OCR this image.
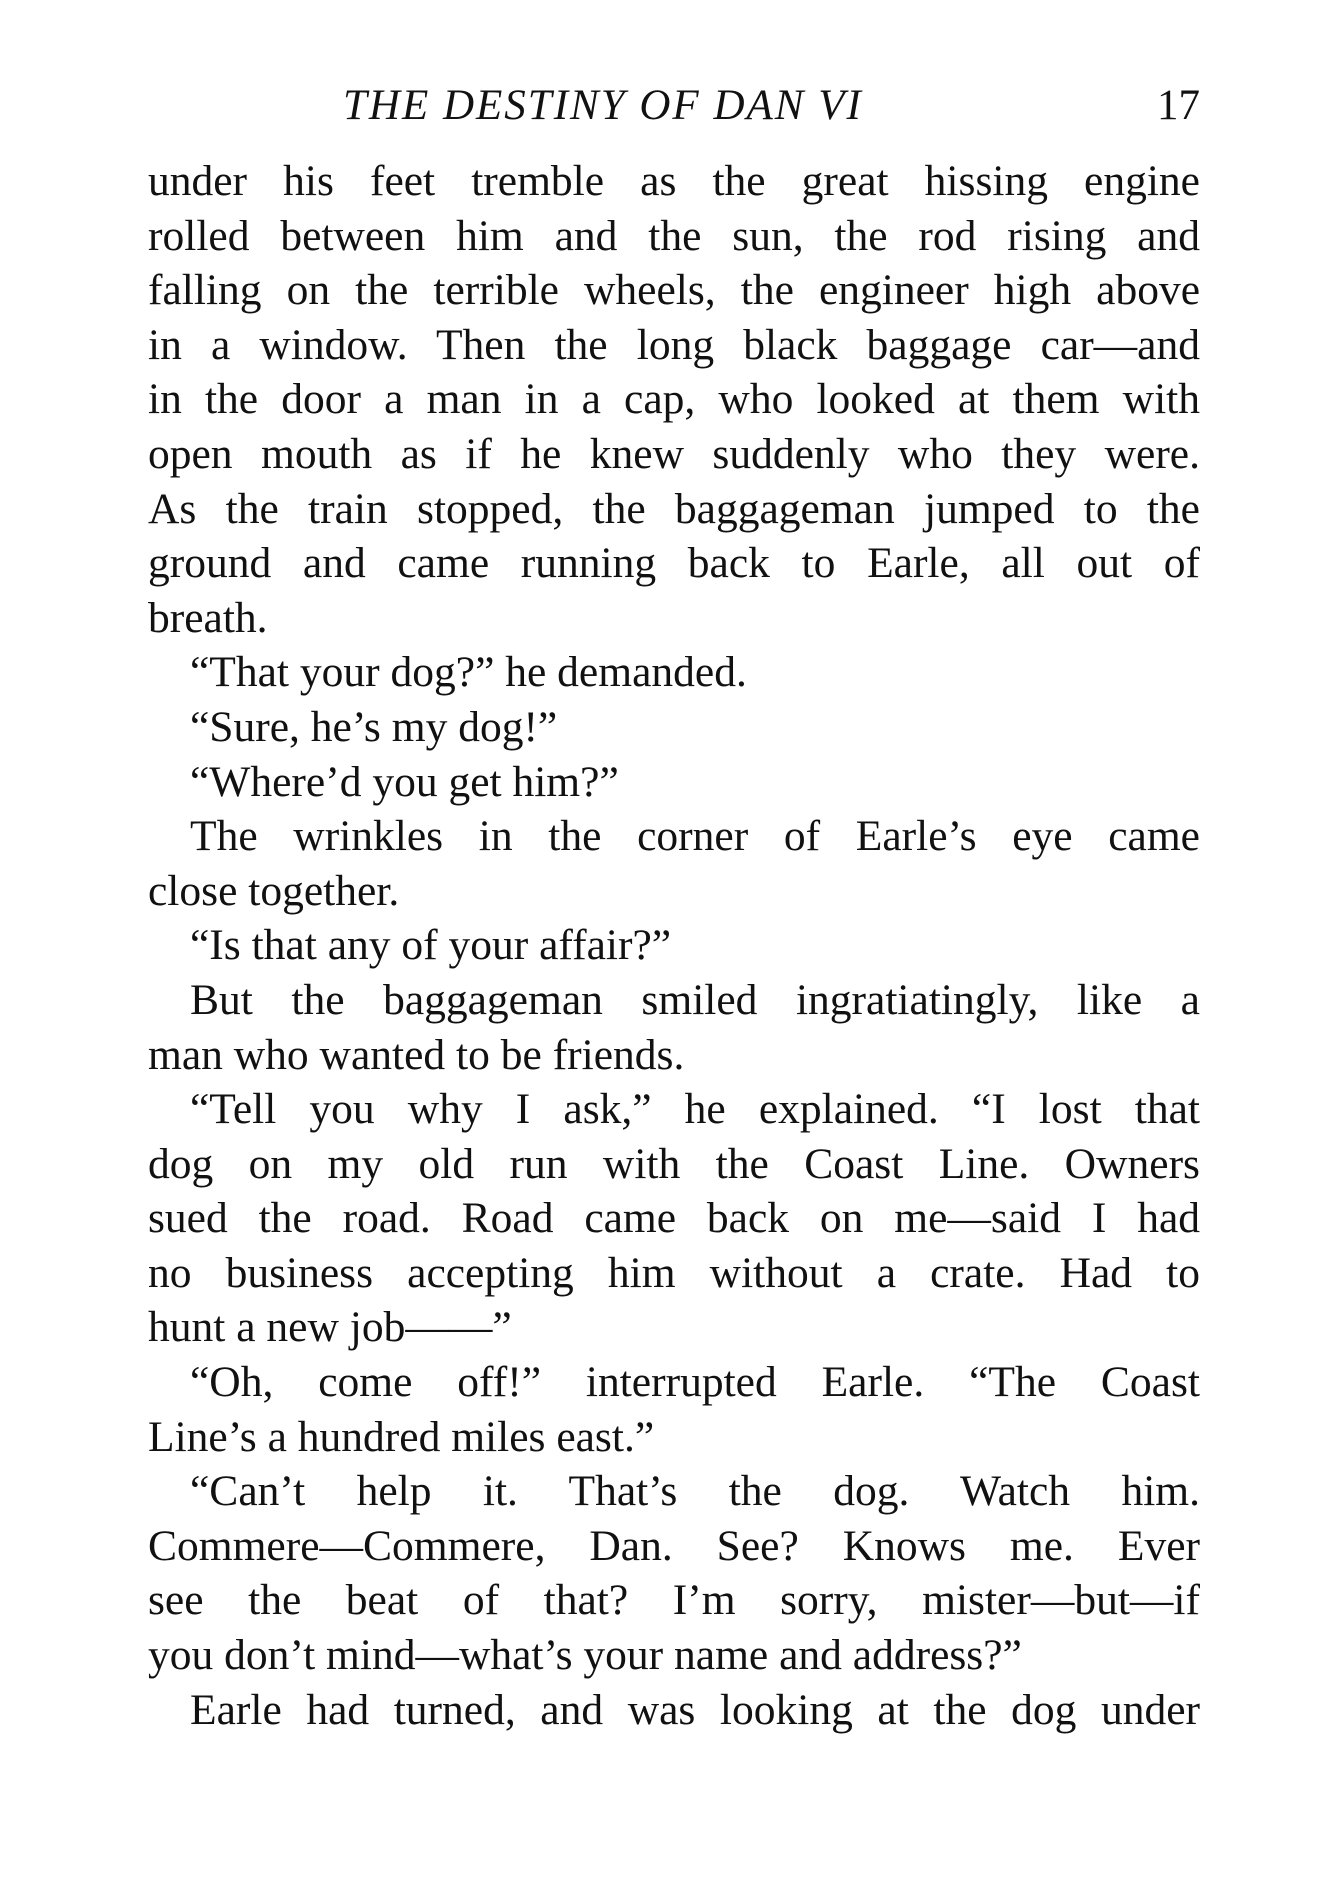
THE DESTINY OF DAN VI	17
under his feet tremble as the great hissing engine
rolled between him and the sun, the rod rising and
falling on the terrible wheels, the engineer high above
in a window. Then the long black baggage car—and
in the door a man in a cap, who looked at them with
open mouth as if he knew suddenly who they were.
As the train stopped, the baggageman jumped to the
ground and came running back to Earle, all out of
breath.
“That your dog?” he demanded.
“Sure, he’s my dog!”
“Where’d you get him?”
The wrinkles in the corner of Earle’s eye came
close together.
“Is that any of your affair?”
But the baggageman smiled ingratiatingly, like a
man who wanted to be friends.
“Tell you why I ask,” he explained. “I lost that
dog on my old run with the Coast Line. Owners
sued the road. Road came back on me—said I had
no business accepting him without a crate. Had to
hunt a new job——”
“Oh, come off!” interrupted Earle. “The Coast
Line’s a hundred miles east.”
“Can’t help it. That’s the dog. Watch him.
Commere—Commere, Dan. See? Knows me. Ever
see the beat of that? I’m sorry, mister—but—if
you don’t mind—what’s your name and address?”
Earle had turned, and was looking at the dog under
